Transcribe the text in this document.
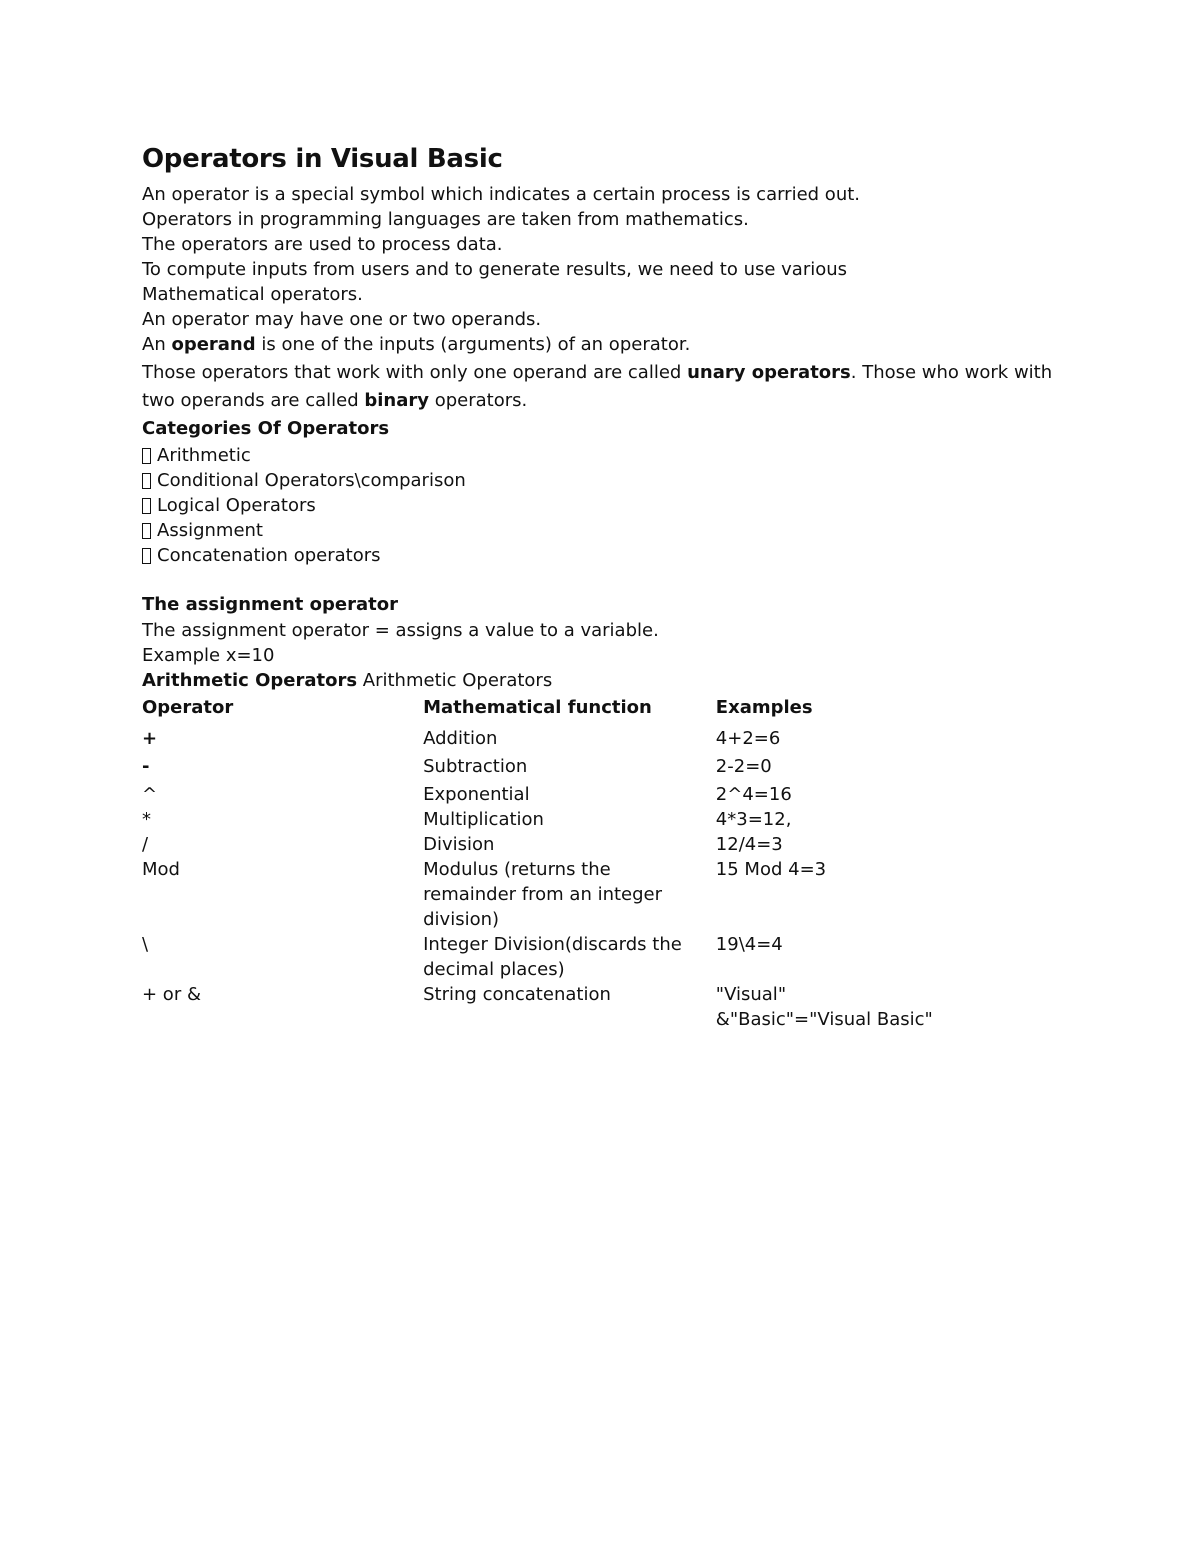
Operators in Visual Basic

An operator is a special symbol which indicates a certain process is carried out.

Operators in programming languages are taken from mathematics.

The operators are used to process data.

To compute inputs from users and to generate results, we need to use various

Mathematical operators.

An operator may have one or two operands.

An operand is one of the inputs (arguments) of an operator.

Those operators that work with only one operand are called unary operators. Those who work with two operands are called binary operators.

Categories Of Operators
Arithmetic
Conditional Operators\comparison
Logical Operators
Assignment
Concatenation operators
The assignment operator

The assignment operator = assigns a value to a variable.

Example x=10

Arithmetic Operators Arithmetic Operators

Operator	Mathematical function	Examples
+	Addition	4+2=6
-	Subtraction	2-2=0
^	Exponential	2^4=16
*	Multiplication	4*3=12,
/	Division	12/4=3
Mod	Modulus (returns the remainder from an integer division)	15 Mod 4=3
\	Integer Division(discards the decimal places)	19\4=4
+ or &	String concatenation	"Visual" &"Basic"="Visual Basic"
